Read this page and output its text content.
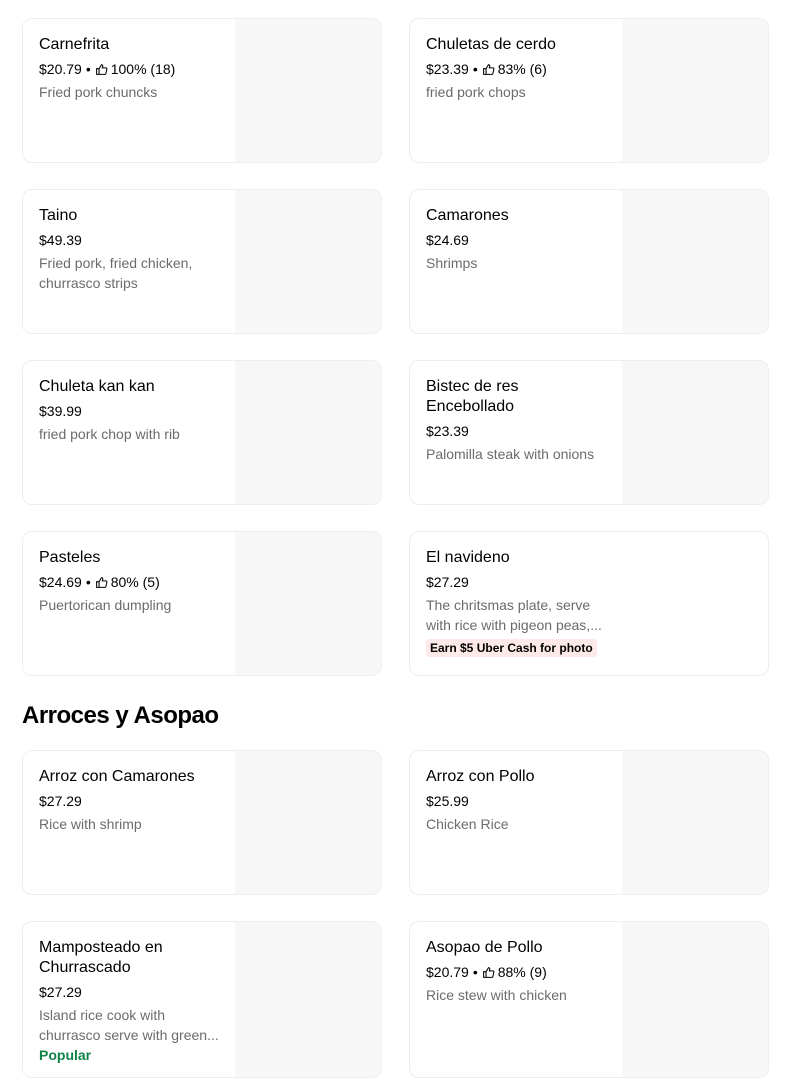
Carnefrita
$20.79 • 100% (18)
Fried pork chuncks
Chuletas de cerdo
$23.39 • 83% (6)
fried pork chops
Taino
$49.39
Fried pork, fried chicken, churrasco strips
Camarones
$24.69
Shrimps
Chuleta kan kan
$39.99
fried pork chop with rib
Bistec de res Encebollado
$23.39
Palomilla steak with onions
Pasteles
$24.69 • 80% (5)
Puertorican dumpling
El navideno
$27.29
The chritsmas plate, serve with rice with pigeon peas,...
Earn $5 Uber Cash for photo
Arroces y Asopao
Arroz con Camarones
$27.29
Rice with shrimp
Arroz con Pollo
$25.99
Chicken Rice
Mamposteado en Churrascado
$27.29
Island rice cook with churrasco serve with green...
Popular
Asopao de Pollo
$20.79 • 88% (9)
Rice stew with chicken
